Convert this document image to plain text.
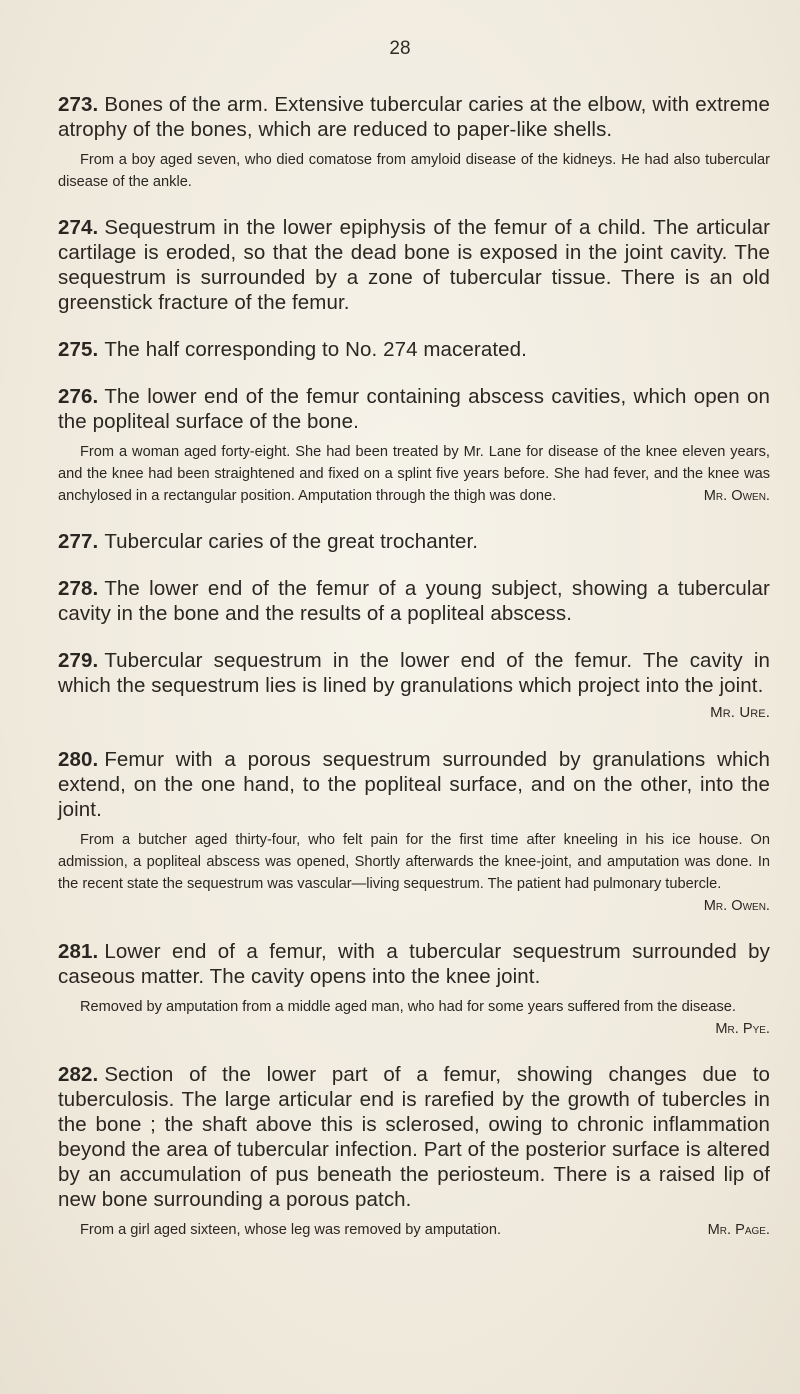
28

273. Bones of the arm. Extensive tubercular caries at the elbow, with extreme atrophy of the bones, which are reduced to paper-like shells.

From a boy aged seven, who died comatose from amyloid disease of the kidneys. He had also tubercular disease of the ankle.

274. Sequestrum in the lower epiphysis of the femur of a child. The articular cartilage is eroded, so that the dead bone is exposed in the joint cavity. The sequestrum is surrounded by a zone of tubercular tissue. There is an old greenstick fracture of the femur.

275. The half corresponding to No. 274 macerated.

276. The lower end of the femur containing abscess cavities, which open on the popliteal surface of the bone.

From a woman aged forty-eight. She had been treated by Mr. Lane for disease of the knee eleven years, and the knee had been straightened and fixed on a splint five years before. She had fever, and the knee was anchylosed in a rectangular position. Amputation through the thigh was done.	Mr. Owen.

277. Tubercular caries of the great trochanter.

278. The lower end of the femur of a young subject, showing a tubercular cavity in the bone and the results of a popliteal abscess.

279. Tubercular sequestrum in the lower end of the femur. The cavity in which the sequestrum lies is lined by granulations which project into the joint.
Mr. Ure.

280. Femur with a porous sequestrum surrounded by granulations which extend, on the one hand, to the popliteal surface, and on the other, into the joint.

From a butcher aged thirty-four, who felt pain for the first time after kneeling in his ice house. On admission, a popliteal abscess was opened, Shortly afterwards the knee-joint, and amputation was done. In the recent state the sequestrum was vascular—living sequestrum. The patient had pulmonary tubercle.
Mr. Owen.

281. Lower end of a femur, with a tubercular sequestrum surrounded by caseous matter. The cavity opens into the knee joint.

Removed by amputation from a middle aged man, who had for some years suffered from the disease.
Mr. Pye.

282. Section of the lower part of a femur, showing changes due to tuberculosis. The large articular end is rarefied by the growth of tubercles in the bone ; the shaft above this is sclerosed, owing to chronic inflammation beyond the area of tubercular infection. Part of the posterior surface is altered by an accumulation of pus beneath the periosteum. There is a raised lip of new bone surrounding a porous patch.

From a girl aged sixteen, whose leg was removed by amputation.	Mr. Page.
